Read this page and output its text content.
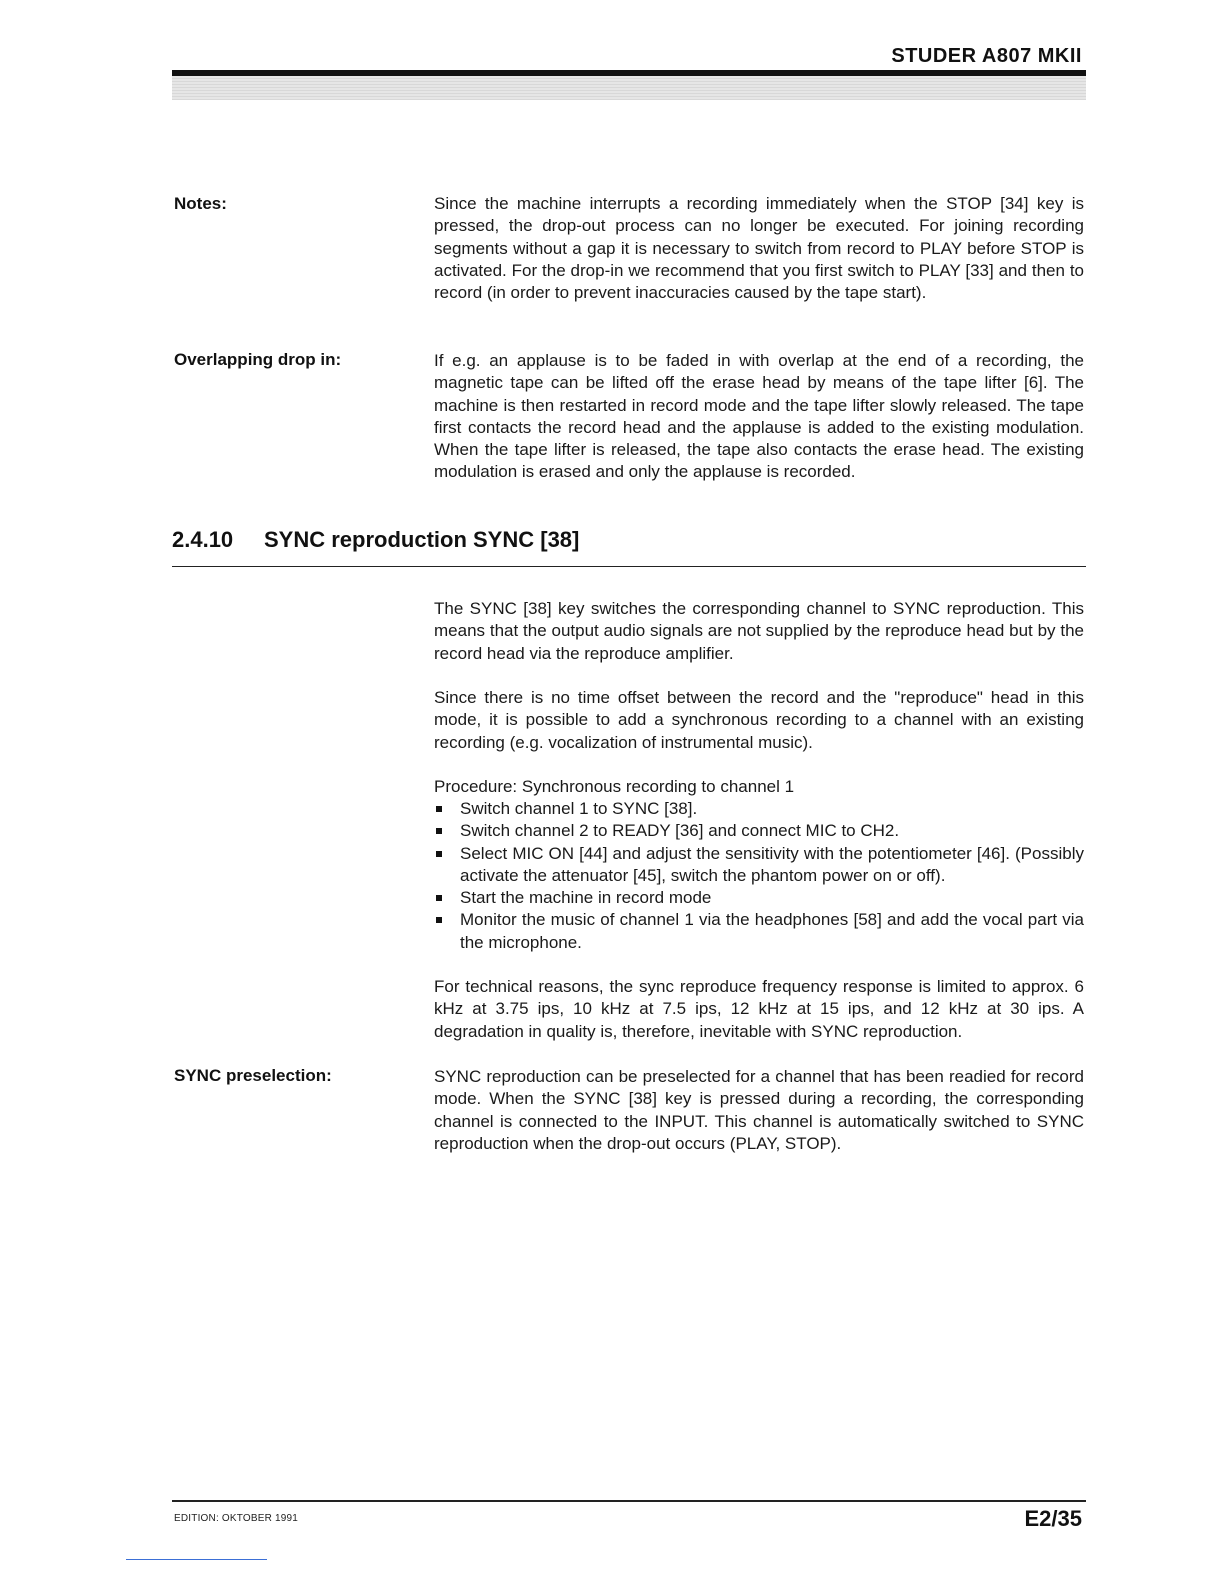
STUDER A807 MKII
Notes:	Since the machine interrupts a recording immediately when the STOP [34] key is pressed, the drop-out process can no longer be executed. For joining recording segments without a gap it is necessary to switch from record to PLAY before STOP is activated. For the drop-in we recommend that you first switch to PLAY [33] and then to record (in order to prevent inaccuracies caused by the tape start).
Overlapping drop in:	If e.g. an applause is to be faded in with overlap at the end of a recording, the magnetic tape can be lifted off the erase head by means of the tape lifter [6]. The machine is then restarted in record mode and the tape lifter slowly released. The tape first contacts the record head and the applause is added to the existing modulation. When the tape lifter is released, the tape also contacts the erase head. The existing modulation is erased and only the applause is recorded.
2.4.10 SYNC reproduction SYNC [38]
The SYNC [38] key switches the corresponding channel to SYNC reproduction. This means that the output audio signals are not supplied by the reproduce head but by the record head via the reproduce amplifier.
Since there is no time offset between the record and the "reproduce" head in this mode, it is possible to add a synchronous recording to a channel with an existing recording (e.g. vocalization of instrumental music).
Procedure: Synchronous recording to channel 1
Switch channel 1 to SYNC [38].
Switch channel 2 to READY [36] and connect MIC to CH2.
Select MIC ON [44] and adjust the sensitivity with the potentiometer [46]. (Possibly activate the attenuator [45], switch the phantom power on or off).
Start the machine in record mode
Monitor the music of channel 1 via the headphones [58] and add the vocal part via the microphone.
For technical reasons, the sync reproduce frequency response is limited to approx. 6 kHz at 3.75 ips, 10 kHz at 7.5 ips, 12 kHz at 15 ips, and 12 kHz at 30 ips. A degradation in quality is, therefore, inevitable with SYNC reproduction.
SYNC preselection:	SYNC reproduction can be preselected for a channel that has been readied for record mode. When the SYNC [38] key is pressed during a recording, the corresponding channel is connected to the INPUT. This channel is automatically switched to SYNC reproduction when the drop-out occurs (PLAY, STOP).
EDITION: OKTOBER 1991	E2/35
